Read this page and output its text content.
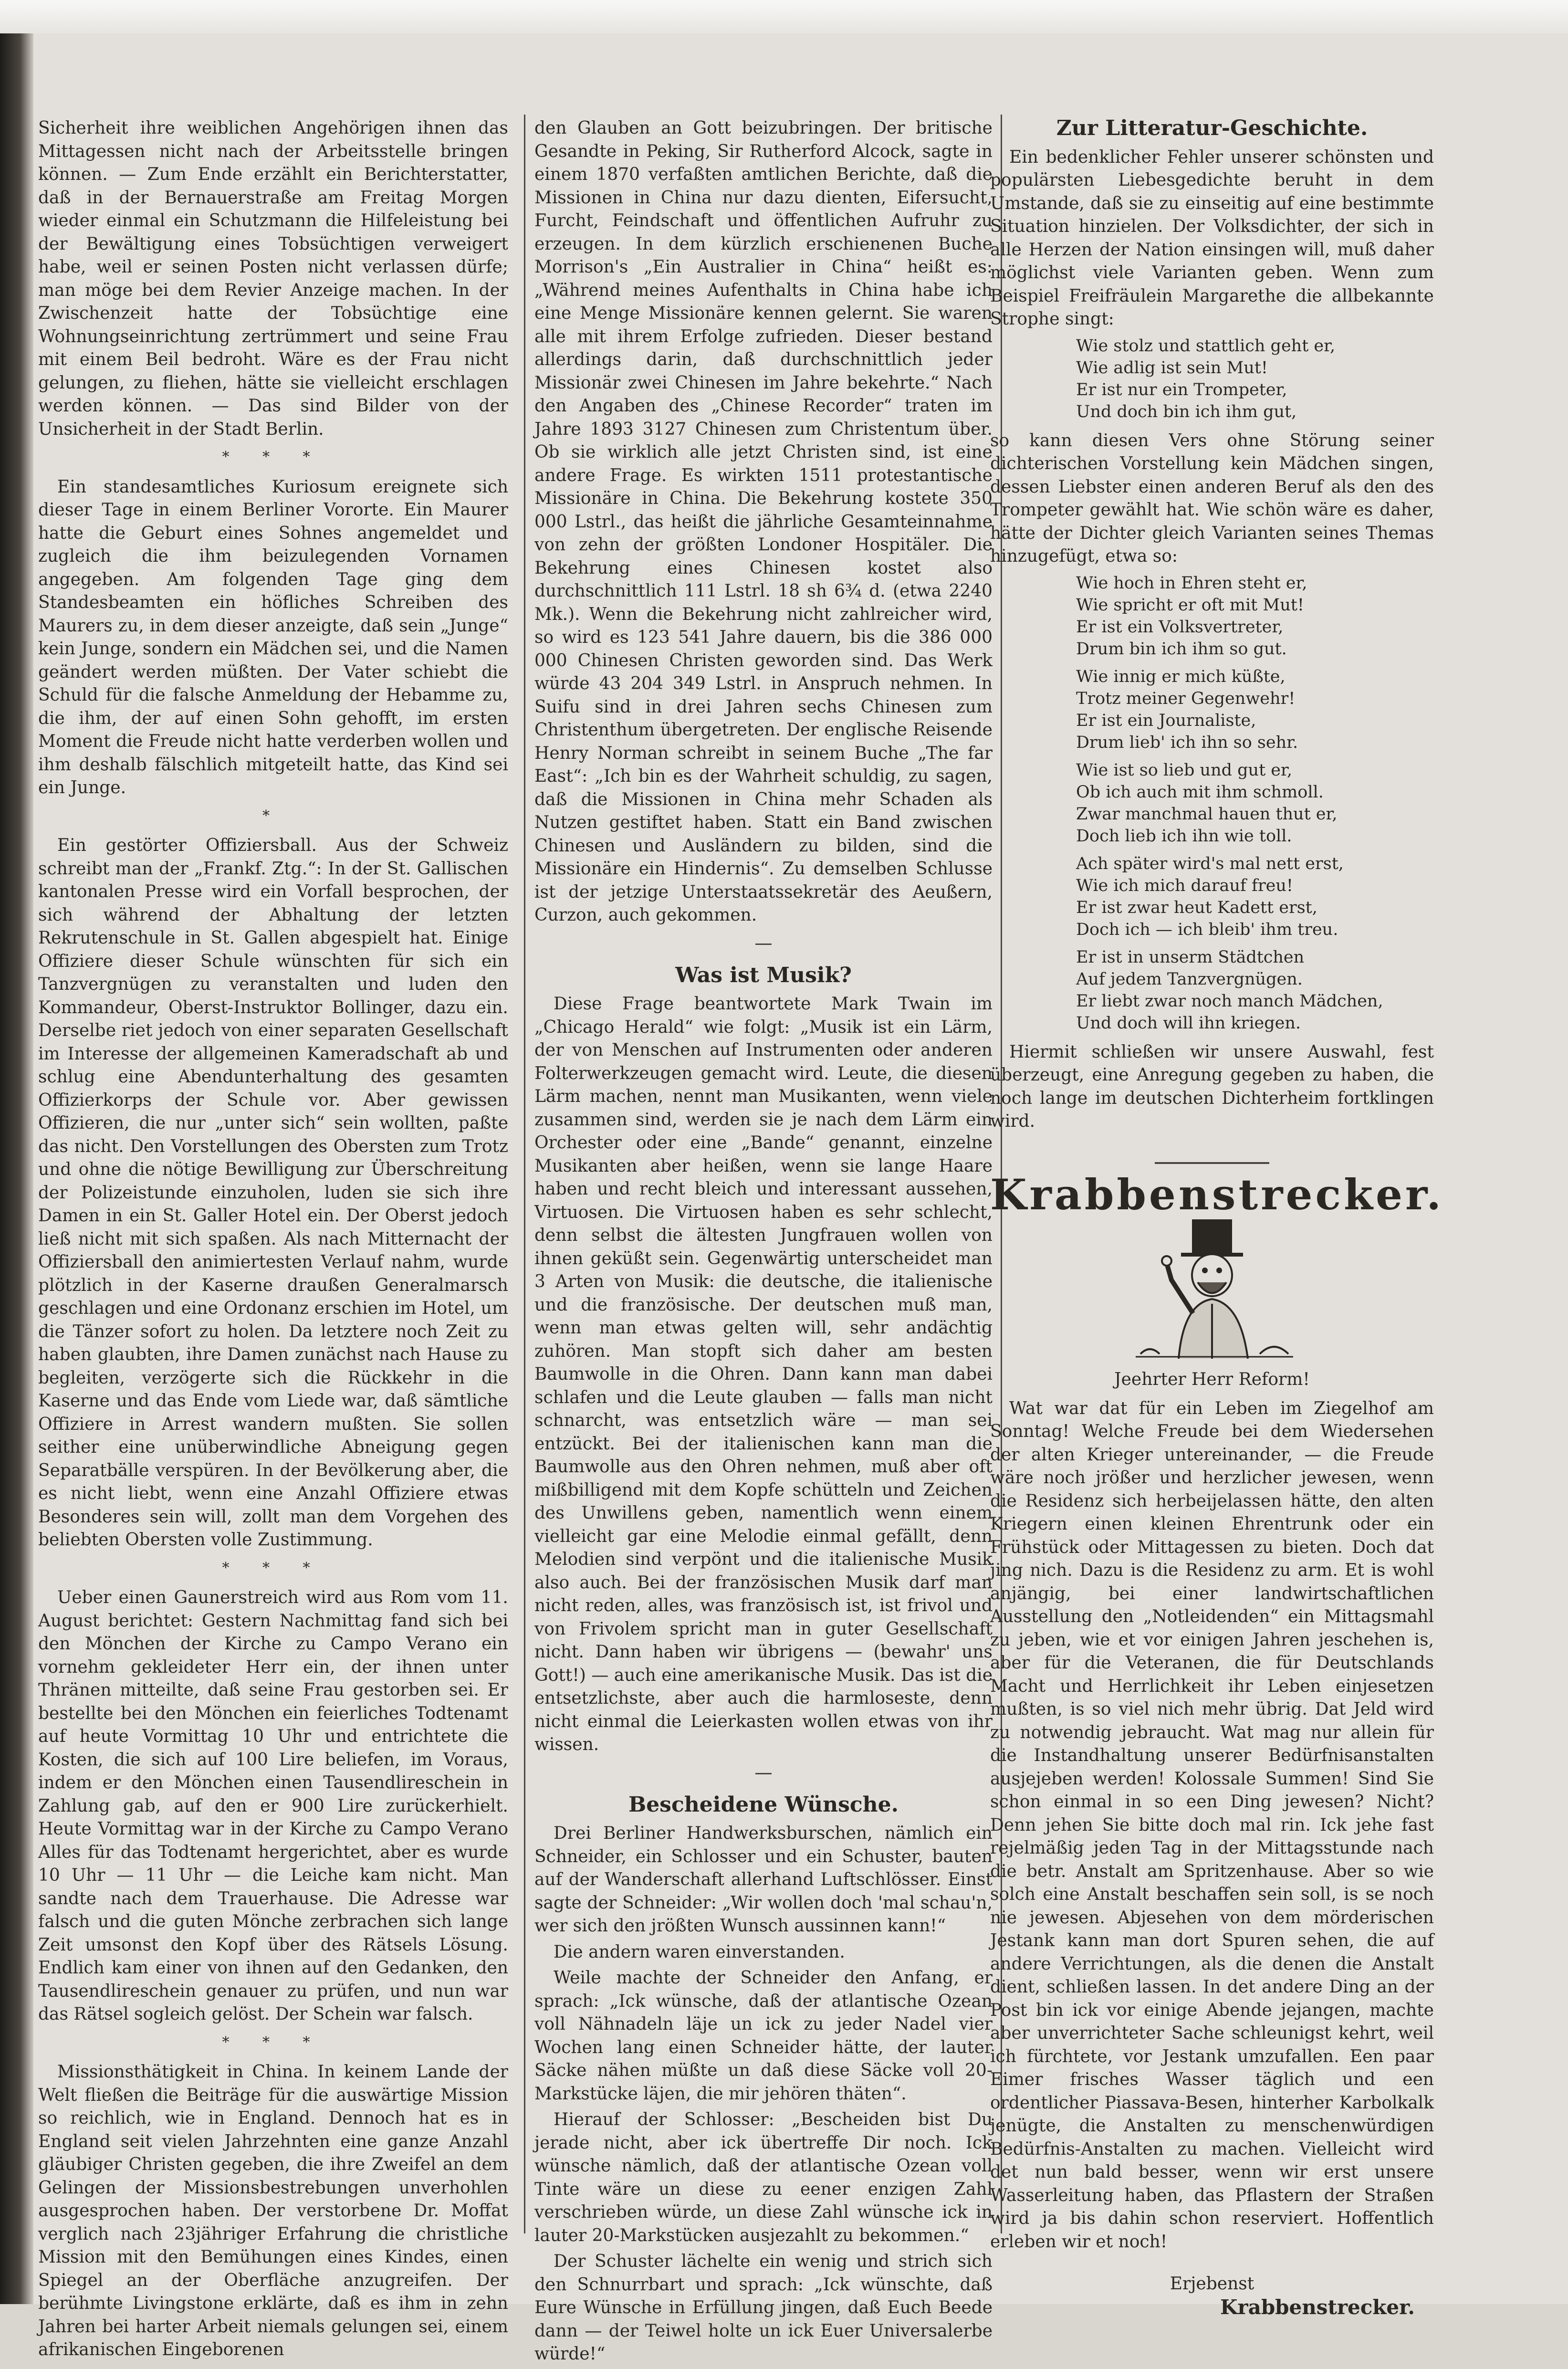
Sicherheit ihre weiblichen Angehörigen ihnen das Mittagessen nicht nach der Arbeitsstelle bringen können. — Zum Ende erzählt ein Berichterstatter, daß in der Bernauerstraße am Freitag Morgen wieder einmal ein Schutzmann die Hilfeleistung bei der Bewältigung eines Tobsüchtigen verweigert habe, weil er seinen Posten nicht verlassen dürfe; man möge bei dem Revier Anzeige machen. In der Zwischenzeit hatte der Tobsüchtige eine Wohnungseinrichtung zertrümmert und seine Frau mit einem Beil bedroht. Wäre es der Frau nicht gelungen, zu fliehen, hätte sie vielleicht erschlagen werden können. — Das sind Bilder von der Unsicherheit in der Stadt Berlin.

* * *

Ein standesamtliches Kuriosum ereignete sich dieser Tage in einem Berliner Vororte. Ein Maurer hatte die Geburt eines Sohnes angemeldet und zugleich die ihm beizulegenden Vornamen angegeben. Am folgenden Tage ging dem Standesbeamten ein höfliches Schreiben des Maurers zu, in dem dieser anzeigte, daß sein „Junge“ kein Junge, sondern ein Mädchen sei, und die Namen geändert werden müßten. Der Vater schiebt die Schuld für die falsche Anmeldung der Hebamme zu, die ihm, der auf einen Sohn gehofft, im ersten Moment die Freude nicht hatte verderben wollen und ihm deshalb fälschlich mitgeteilt hatte, das Kind sei ein Junge.

*

Ein gestörter Offiziersball. Aus der Schweiz schreibt man der „Frankf. Ztg.“: In der St. Gallischen kantonalen Presse wird ein Vorfall besprochen, der sich während der Abhaltung der letzten Rekrutenschule in St. Gallen abgespielt hat. Einige Offiziere dieser Schule wünschten für sich ein Tanzvergnügen zu veranstalten und luden den Kommandeur, Oberst-Instruktor Bollinger, dazu ein. Derselbe riet jedoch von einer separaten Gesellschaft im Interesse der allgemeinen Kameradschaft ab und schlug eine Abendunterhaltung des gesamten Offizierkorps der Schule vor. Aber gewissen Offizieren, die nur „unter sich“ sein wollten, paßte das nicht. Den Vorstellungen des Obersten zum Trotz und ohne die nötige Bewilligung zur Überschreitung der Polizeistunde einzuholen, luden sie sich ihre Damen in ein St. Galler Hotel ein. Der Oberst jedoch ließ nicht mit sich spaßen. Als nach Mitternacht der Offiziersball den animiertesten Verlauf nahm, wurde plötzlich in der Kaserne draußen Generalmarsch geschlagen und eine Ordonanz erschien im Hotel, um die Tänzer sofort zu holen. Da letztere noch Zeit zu haben glaubten, ihre Damen zunächst nach Hause zu begleiten, verzögerte sich die Rückkehr in die Kaserne und das Ende vom Liede war, daß sämtliche Offiziere in Arrest wandern mußten. Sie sollen seither eine unüberwindliche Abneigung gegen Separatbälle verspüren. In der Bevölkerung aber, die es nicht liebt, wenn eine Anzahl Offiziere etwas Besonderes sein will, zollt man dem Vorgehen des beliebten Obersten volle Zustimmung.

* * *

Ueber einen Gaunerstreich wird aus Rom vom 11. August berichtet: Gestern Nachmittag fand sich bei den Mönchen der Kirche zu Campo Verano ein vornehm gekleideter Herr ein, der ihnen unter Thränen mitteilte, daß seine Frau gestorben sei. Er bestellte bei den Mönchen ein feierliches Todtenamt auf heute Vormittag 10 Uhr und entrichtete die Kosten, die sich auf 100 Lire beliefen, im Voraus, indem er den Mönchen einen Tausendlireschein in Zahlung gab, auf den er 900 Lire zurückerhielt. Heute Vormittag war in der Kirche zu Campo Verano Alles für das Todtenamt hergerichtet, aber es wurde 10 Uhr — 11 Uhr — die Leiche kam nicht. Man sandte nach dem Trauerhause. Die Adresse war falsch und die guten Mönche zerbrachen sich lange Zeit umsonst den Kopf über des Rätsels Lösung. Endlich kam einer von ihnen auf den Gedanken, den Tausendlireschein genauer zu prüfen, und nun war das Rätsel sogleich gelöst. Der Schein war falsch.

* * *

Missionsthätigkeit in China. In keinem Lande der Welt fließen die Beiträge für die auswärtige Mission so reichlich, wie in England. Dennoch hat es in England seit vielen Jahrzehnten eine ganze Anzahl gläubiger Christen gegeben, die ihre Zweifel an dem Gelingen der Missionsbestrebungen unverhohlen ausgesprochen haben. Der verstorbene Dr. Moffat verglich nach 23jähriger Erfahrung die christliche Mission mit den Bemühungen eines Kindes, einen Spiegel an der Oberfläche anzugreifen. Der berühmte Livingstone erklärte, daß es ihm in zehn Jahren bei harter Arbeit niemals gelungen sei, einem afrikanischen Eingeborenen

den Glauben an Gott beizubringen. Der britische Gesandte in Peking, Sir Rutherford Alcock, sagte in einem 1870 verfaßten amtlichen Berichte, daß die Missionen in China nur dazu dienten, Eifersucht, Furcht, Feindschaft und öffentlichen Aufruhr zu erzeugen. In dem kürzlich erschienenen Buche Morrison's „Ein Australier in China“ heißt es: „Während meines Aufenthalts in China habe ich eine Menge Missionäre kennen gelernt. Sie waren alle mit ihrem Erfolge zufrieden. Dieser bestand allerdings darin, daß durchschnittlich jeder Missionär zwei Chinesen im Jahre bekehrte.“ Nach den Angaben des „Chinese Recorder“ traten im Jahre 1893 3127 Chinesen zum Christentum über. Ob sie wirklich alle jetzt Christen sind, ist eine andere Frage. Es wirkten 1511 protestantische Missionäre in China. Die Bekehrung kostete 350 000 Lstrl., das heißt die jährliche Gesamteinnahme von zehn der größten Londoner Hospitäler. Die Bekehrung eines Chinesen kostet also durchschnittlich 111 Lstrl. 18 sh 6¾ d. (etwa 2240 Mk.). Wenn die Bekehrung nicht zahlreicher wird, so wird es 123 541 Jahre dauern, bis die 386 000 000 Chinesen Christen geworden sind. Das Werk würde 43 204 349 Lstrl. in Anspruch nehmen. In Suifu sind in drei Jahren sechs Chinesen zum Christenthum übergetreten. Der englische Reisende Henry Norman schreibt in seinem Buche „The far East“: „Ich bin es der Wahrheit schuldig, zu sagen, daß die Missionen in China mehr Schaden als Nutzen gestiftet haben. Statt ein Band zwischen Chinesen und Ausländern zu bilden, sind die Missionäre ein Hindernis“. Zu demselben Schlusse ist der jetzige Unterstaatssekretär des Aeußern, Curzon, auch gekommen.

Was ist Musik?

Diese Frage beantwortete Mark Twain im „Chicago Herald“ wie folgt: „Musik ist ein Lärm, der von Menschen auf Instrumenten oder anderen Folterwerkzeugen gemacht wird. Leute, die diesen Lärm machen, nennt man Musikanten, wenn viele zusammen sind, werden sie je nach dem Lärm ein Orchester oder eine „Bande“ genannt, einzelne Musikanten aber heißen, wenn sie lange Haare haben und recht bleich und interessant aussehen, Virtuosen. Die Virtuosen haben es sehr schlecht, denn selbst die ältesten Jungfrauen wollen von ihnen geküßt sein. Gegenwärtig unterscheidet man 3 Arten von Musik: die deutsche, die italienische und die französische. Der deutschen muß man, wenn man etwas gelten will, sehr andächtig zuhören. Man stopft sich daher am besten Baumwolle in die Ohren. Dann kann man dabei schlafen und die Leute glauben — falls man nicht schnarcht, was entsetzlich wäre — man sei entzückt. Bei der italienischen kann man die Baumwolle aus den Ohren nehmen, muß aber oft mißbilligend mit dem Kopfe schütteln und Zeichen des Unwillens geben, namentlich wenn einem vielleicht gar eine Melodie einmal gefällt, denn Melodien sind verpönt und die italienische Musik also auch. Bei der französischen Musik darf man nicht reden, alles, was französisch ist, ist frivol und von Frivolem spricht man in guter Gesellschaft nicht. Dann haben wir übrigens — (bewahr' uns Gott!) — auch eine amerikanische Musik. Das ist die entsetzlichste, aber auch die harmloseste, denn nicht einmal die Leierkasten wollen etwas von ihr wissen.

Bescheidene Wünsche.

Drei Berliner Handwerksburschen, nämlich ein Schneider, ein Schlosser und ein Schuster, bauten auf der Wanderschaft allerhand Luftschlösser. Einst sagte der Schneider: „Wir wollen doch 'mal schau'n, wer sich den jrößten Wunsch aussinnen kann!“

Die andern waren einverstanden.

Weile machte der Schneider den Anfang, er sprach: „Ick wünsche, daß der atlantische Ozean voll Nähnadeln läje un ick zu jeder Nadel vier Wochen lang einen Schneider hätte, der lauter Säcke nähen müßte un daß diese Säcke voll 20-Markstücke läjen, die mir jehören thäten“.

Hierauf der Schlosser: „Bescheiden bist Du jerade nicht, aber ick übertreffe Dir noch. Ick wünsche nämlich, daß der atlantische Ozean voll Tinte wäre un diese zu eener enzigen Zahl verschrieben würde, un diese Zahl wünsche ick in lauter 20-Markstücken ausjezahlt zu bekommen.“

Der Schuster lächelte ein wenig und strich sich den Schnurrbart und sprach: „Ick wünschte, daß Eure Wünsche in Erfüllung jingen, daß Euch Beede dann — der Teiwel holte un ick Euer Universalerbe würde!“

Zur Litteratur-Geschichte.

Ein bedenklicher Fehler unserer schönsten und populärsten Liebesgedichte beruht in dem Umstande, daß sie zu einseitig auf eine bestimmte Situation hinzielen. Der Volksdichter, der sich in alle Herzen der Nation einsingen will, muß daher möglichst viele Varianten geben. Wenn zum Beispiel Freifräulein Margarethe die allbekannte Strophe singt:

Wie stolz und stattlich geht er,
Wie adlig ist sein Mut!
Er ist nur ein Trompeter,
Und doch bin ich ihm gut,

so kann diesen Vers ohne Störung seiner dichterischen Vorstellung kein Mädchen singen, dessen Liebster einen anderen Beruf als den des Trompeter gewählt hat. Wie schön wäre es daher, hätte der Dichter gleich Varianten seines Themas hinzugefügt, etwa so:

Wie hoch in Ehren steht er,
Wie spricht er oft mit Mut!
Er ist ein Volksvertreter,
Drum bin ich ihm so gut.
Wie innig er mich küßte,
Trotz meiner Gegenwehr!
Er ist ein Journaliste,
Drum lieb' ich ihn so sehr.
Wie ist so lieb und gut er,
Ob ich auch mit ihm schmoll.
Zwar manchmal hauen thut er,
Doch lieb ich ihn wie toll.
Ach später wird's mal nett erst,
Wie ich mich darauf freu!
Er ist zwar heut Kadett erst,
Doch ich — ich bleib' ihm treu.
Er ist in unserm Städtchen
Auf jedem Tanzvergnügen.
Er liebt zwar noch manch Mädchen,
Und doch will ihn kriegen.

Hiermit schließen wir unsere Auswahl, fest überzeugt, eine Anregung gegeben zu haben, die noch lange im deutschen Dichterheim fortklingen wird.

Krabbenstrecker.
Jeehrter Herr Reform!

Wat war dat für ein Leben im Ziegelhof am Sonntag! Welche Freude bei dem Wiedersehen der alten Krieger untereinander, — die Freude wäre noch jrößer und herzlicher jewesen, wenn die Residenz sich herbeijelassen hätte, den alten Kriegern einen kleinen Ehrentrunk oder ein Frühstück oder Mittagessen zu bieten. Doch dat jing nich. Dazu is die Residenz zu arm. Et is wohl anjängig, bei einer landwirtschaftlichen Ausstellung den „Notleidenden“ ein Mittagsmahl zu jeben, wie et vor einigen Jahren jeschehen is, aber für die Veteranen, die für Deutschlands Macht und Herrlichkeit ihr Leben einjesetzen mußten, is so viel nich mehr übrig. Dat Jeld wird zu notwendig jebraucht. Wat mag nur allein für die Instandhaltung unserer Bedürfnisanstalten ausjejeben werden! Kolossale Summen! Sind Sie schon einmal in so een Ding jewesen? Nicht? Denn jehen Sie bitte doch mal rin. Ick jehe fast rejelmäßig jeden Tag in der Mittagsstunde nach die betr. Anstalt am Spritzenhause. Aber so wie solch eine Anstalt beschaffen sein soll, is se noch nie jewesen. Abjesehen von dem mörderischen Jestank kann man dort Spuren sehen, die auf andere Verrichtungen, als die denen die Anstalt dient, schließen lassen. In det andere Ding an der Post bin ick vor einige Abende jejangen, machte aber unverrichteter Sache schleunigst kehrt, weil ich fürchtete, vor Jestank umzufallen. Een paar Eimer frisches Wasser täglich und een ordentlicher Piassava-Besen, hinterher Karbolkalk jenügte, die Anstalten zu menschenwürdigen Bedürfnis-Anstalten zu machen. Vielleicht wird det nun bald besser, wenn wir erst unsere Wasserleitung haben, das Pflastern der Straßen wird ja bis dahin schon reserviert. Hoffentlich erleben wir et noch!

Erjebenst
Krabbenstrecker.
